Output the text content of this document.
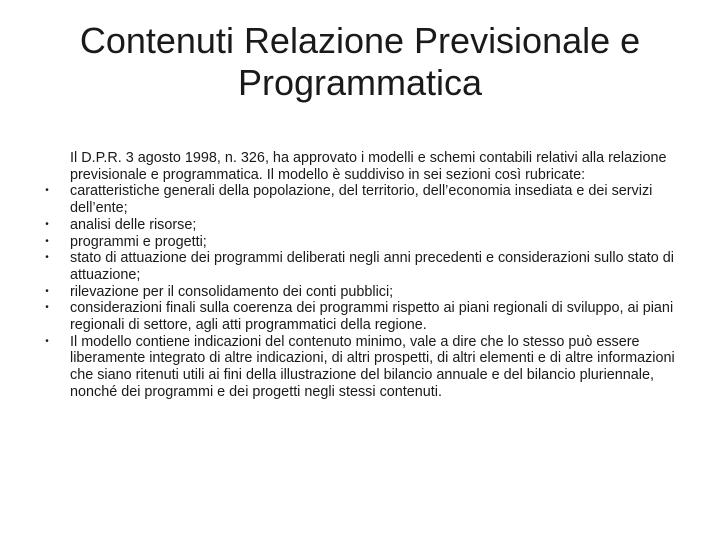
Contenuti Relazione Previsionale e Programmatica
Il D.P.R. 3 agosto 1998, n. 326, ha approvato i modelli e schemi contabili relativi alla relazione previsionale e programmatica. Il modello è suddiviso in sei sezioni così rubricate:
•	caratteristiche generali della popolazione, del territorio, dell’economia insediata e dei servizi dell’ente;
•	analisi delle risorse;
•	programmi e progetti;
•	stato di attuazione dei programmi deliberati negli anni precedenti e considerazioni sullo stato di attuazione;
•	rilevazione per il consolidamento dei conti pubblici;
•	considerazioni finali sulla coerenza dei programmi rispetto ai piani regionali di sviluppo, ai piani regionali di settore, agli atti programmatici della regione.
•	Il modello contiene indicazioni del contenuto minimo, vale a dire che lo stesso può essere liberamente integrato di altre indicazioni, di altri prospetti, di altri elementi e di altre informazioni che siano ritenuti utili ai fini della illustrazione del bilancio annuale e del bilancio pluriennale, nonché dei programmi e dei progetti negli stessi contenuti.
